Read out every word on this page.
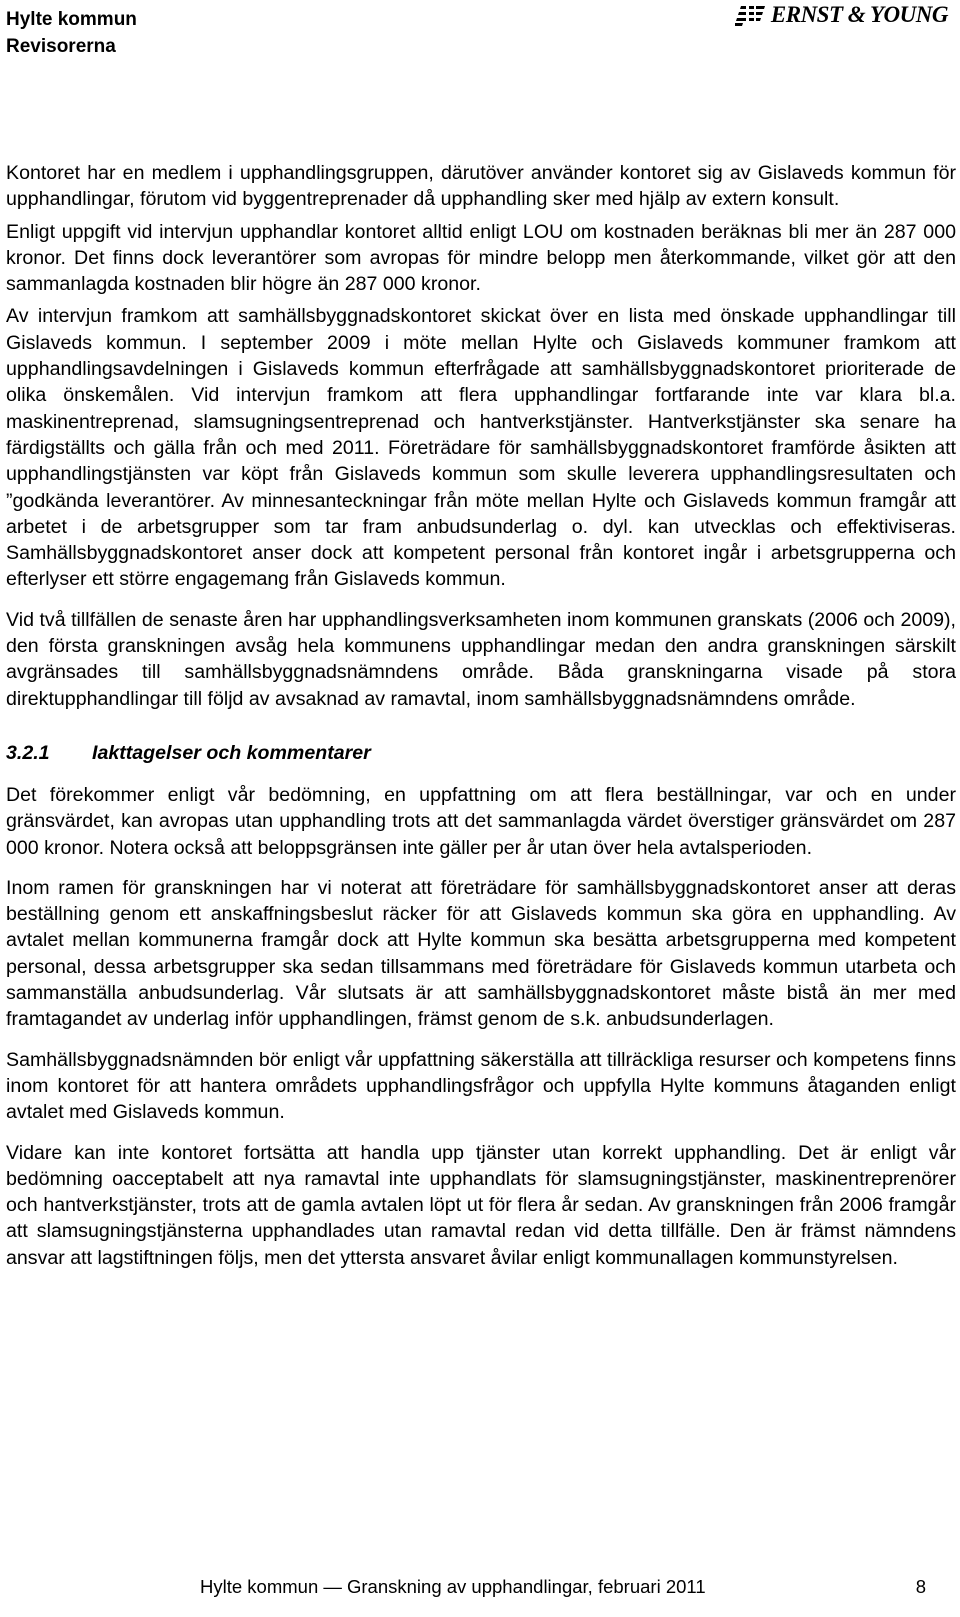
Hylte kommun
Revisorerna
ERNST & YOUNG

Kontoret har en medlem i upphandlingsgruppen, därutöver använder kontoret sig av Gislaveds kommun för upphandlingar, förutom vid byggentreprenader då upphandling sker med hjälp av extern konsult.

Enligt uppgift vid intervjun upphandlar kontoret alltid enligt LOU om kostnaden beräknas bli mer än 287 000 kronor. Det finns dock leverantörer som avropas för mindre belopp men återkommande, vilket gör att den sammanlagda kostnaden blir högre än 287 000 kronor.

Av intervjun framkom att samhällsbyggnadskontoret skickat över en lista med önskade upphandlingar till Gislaveds kommun. I september 2009 i möte mellan Hylte och Gislaveds kommuner framkom att upphandlingsavdelningen i Gislaveds kommun efterfrågade att samhällsbyggnadskontoret prioriterade de olika önskemålen. Vid intervjun framkom att flera upphandlingar fortfarande inte var klara bl.a. maskinentreprenad, slamsugningsentreprenad och hantverkstjänster. Hantverkstjänster ska senare ha färdigställts och gälla från och med 2011. Företrädare för samhällsbyggnadskontoret framförde åsikten att upphandlingstjänsten var köpt från Gislaveds kommun som skulle leverera upphandlingsresultaten och ”godkända leverantörer. Av minnesanteckningar från möte mellan Hylte och Gislaveds kommun framgår att arbetet i de arbetsgrupper som tar fram anbudsunderlag o. dyl. kan utvecklas och effektiviseras. Samhällsbyggnadskontoret anser dock att kompetent personal från kontoret ingår i arbetsgrupperna och efterlyser ett större engagemang från Gislaveds kommun.

Vid två tillfällen de senaste åren har upphandlingsverksamheten inom kommunen granskats (2006 och 2009), den första granskningen avsåg hela kommunens upphandlingar medan den andra granskningen särskilt avgränsades till samhällsbyggnadsnämndens område. Båda granskningarna visade på stora direktupphandlingar till följd av avsaknad av ramavtal, inom samhällsbyggnadsnämndens område.

3.2.1 Iakttagelser och kommentarer

Det förekommer enligt vår bedömning, en uppfattning om att flera beställningar, var och en under gränsvärdet, kan avropas utan upphandling trots att det sammanlagda värdet överstiger gränsvärdet om 287 000 kronor. Notera också att beloppsgränsen inte gäller per år utan över hela avtalsperioden.

Inom ramen för granskningen har vi noterat att företrädare för samhällsbyggnadskontoret anser att deras beställning genom ett anskaffningsbeslut räcker för att Gislaveds kommun ska göra en upphandling. Av avtalet mellan kommunerna framgår dock att Hylte kommun ska besätta arbetsgrupperna med kompetent personal, dessa arbetsgrupper ska sedan tillsammans med företrädare för Gislaveds kommun utarbeta och sammanställa anbudsunderlag. Vår slutsats är att samhällsbyggnadskontoret måste bistå än mer med framtagandet av underlag inför upphandlingen, främst genom de s.k. anbudsunderlagen.

Samhällsbyggnadsnämnden bör enligt vår uppfattning säkerställa att tillräckliga resurser och kompetens finns inom kontoret för att hantera områdets upphandlingsfrågor och uppfylla Hylte kommuns åtaganden enligt avtalet med Gislaveds kommun.

Vidare kan inte kontoret fortsätta att handla upp tjänster utan korrekt upphandling. Det är enligt vår bedömning oacceptabelt att nya ramavtal inte upphandlats för slamsugningstjänster, maskinentreprenörer och hantverkstjänster, trots att de gamla avtalen löpt ut för flera år sedan. Av granskningen från 2006 framgår att slamsugningstjänsterna upphandlades utan ramavtal redan vid detta tillfälle. Den är främst nämndens ansvar att lagstiftningen följs, men det yttersta ansvaret åvilar enligt kommunallagen kommunstyrelsen.

Hylte kommun — Granskning av upphandlingar, februari 2011	8
